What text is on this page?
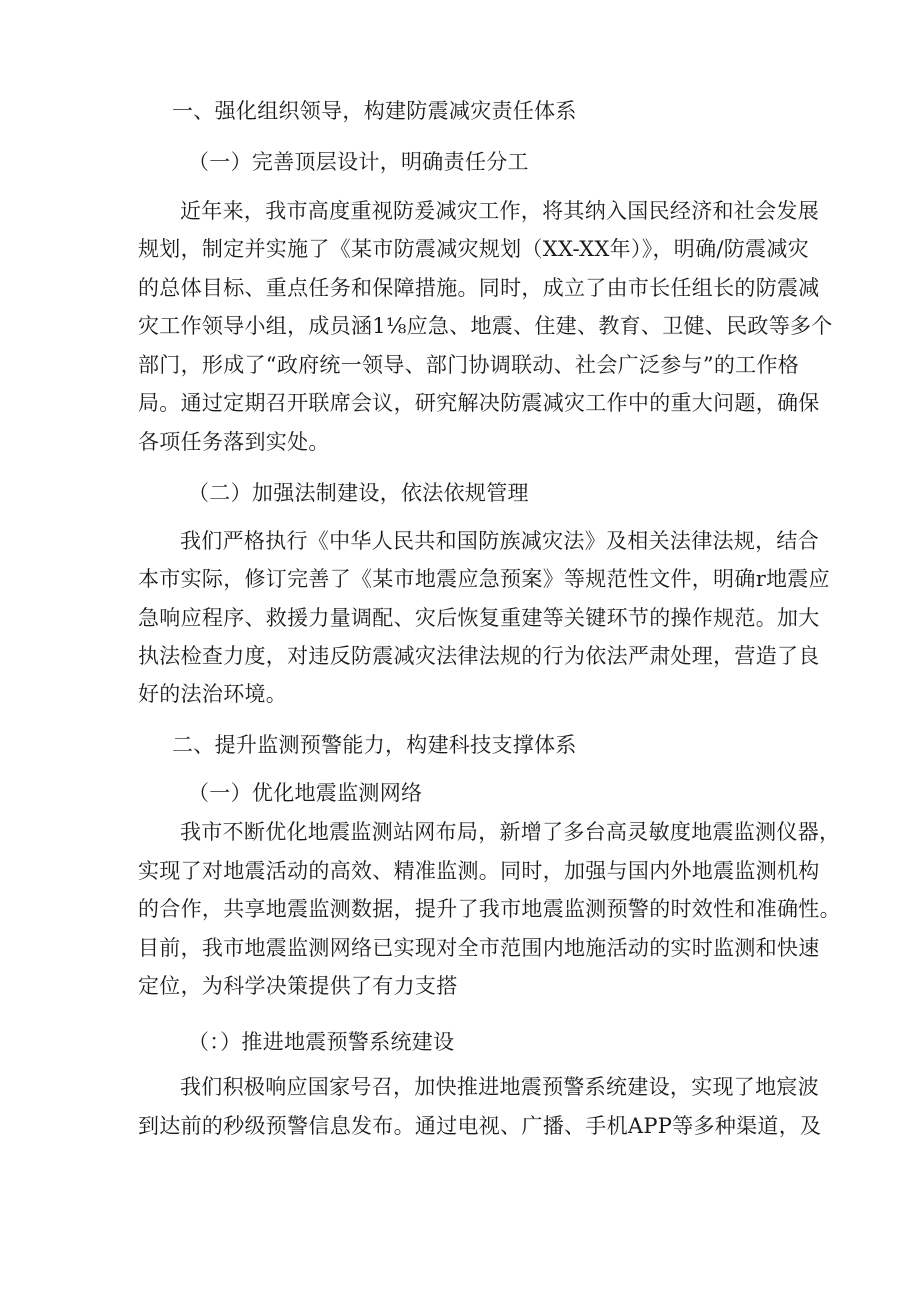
一、强化组织领导，构建防震减灾责任体系
（一）完善顶层设计，明确责任分工
近年来，我市高度重视防爰减灾工作，将其纳入国民经济和社会发展
规划，制定并实施了《某市防震减灾规划（XX-XX年）》，明确/防震减灾
的总体目标、重点任务和保障措施。同时，成立了由市长任组长的防震减
灾工作领导小组，成员涵1⅛应急、地震、住建、教育、卫健、民政等多个
部门，形成了“政府统一领导、部门协调联动、社会广泛参与”的工作格
局。通过定期召开联席会议，研究解决防震减灾工作中的重大问题，确保
各项任务落到实处。
（二）加强法制建设，依法依规管理
我们严格执行《中华人民共和国防族减灾法》及相关法律法规，结合
本市实际，修订完善了《某市地震应急预案》等规范性文件，明确r地震应
急响应程序、救援力量调配、灾后恢复重建等关键环节的操作规范。加大
执法检查力度，对违反防震减灾法律法规的行为依法严肃处理，营造了良
好的法治环境。
二、提升监测预警能力，构建科技支撑体系
（一）优化地震监测网络
我市不断优化地震监测站网布局，新增了多台高灵敏度地震监测仪器，
实现了对地震活动的高效、精准监测。同时，加强与国内外地震监测机构
的合作，共享地震监测数据，提升了我市地震监测预警的时效性和准确性。
目前，我市地震监测网络已实现对全市范围内地施活动的实时监测和快速
定位，为科学决策提供了有力支搭
（：）推进地震预警系统建设
我们积极响应国家号召，加快推进地震预警系统建设，实现了地宸波
到达前的秒级预警信息发布。通过电视、广播、手机APP等多种渠道，及
